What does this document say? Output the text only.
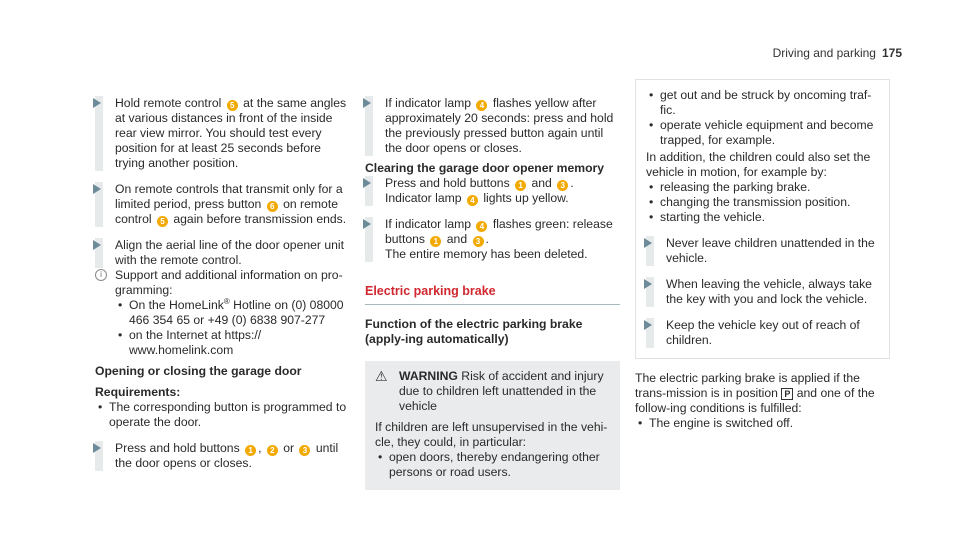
Driving and parking 175
Hold remote control 5 at the same angles at various distances in front of the inside rear view mirror. You should test every position for at least 25 seconds before trying another position.
On remote controls that transmit only for a limited period, press button 6 on remote control 5 again before transmission ends.
Align the aerial line of the door opener unit with the remote control.
i	Support and additional information on pro-gramming:
• On the HomeLink® Hotline on (0) 08000 466 354 65 or +49 (0) 6838 907-277
• on the Internet at https:// www.homelink.com
Opening or closing the garage door
Requirements:
• The corresponding button is programmed to operate the door.
Press and hold buttons 1 , 2 or 3 until the door opens or closes.
If indicator lamp 4 flashes yellow after approximately 20 seconds: press and hold the previously pressed button again until the door opens or closes.
Clearing the garage door opener memory
Press and hold buttons 1 and 3 . Indicator lamp 4 lights up yellow.
If indicator lamp 4 flashes green: release buttons 1 and 3 .
The entire memory has been deleted.
Electric parking brake
Function of the electric parking brake (apply-ing automatically)
⚠ WARNING Risk of accident and injury due to children left unattended in the vehicle
If children are left unsupervised in the vehi-cle, they could, in particular:
• open doors, thereby endangering other persons or road users.
• get out and be struck by oncoming traf-fic.
• operate vehicle equipment and become trapped, for example.
In addition, the children could also set the vehicle in motion, for example by:
• releasing the parking brake.
• changing the transmission position.
• starting the vehicle.
Never leave children unattended in the vehicle.
When leaving the vehicle, always take the key with you and lock the vehicle.
Keep the vehicle key out of reach of children.
The electric parking brake is applied if the trans-mission is in position P and one of the follow-ing conditions is fulfilled:
• The engine is switched off.
